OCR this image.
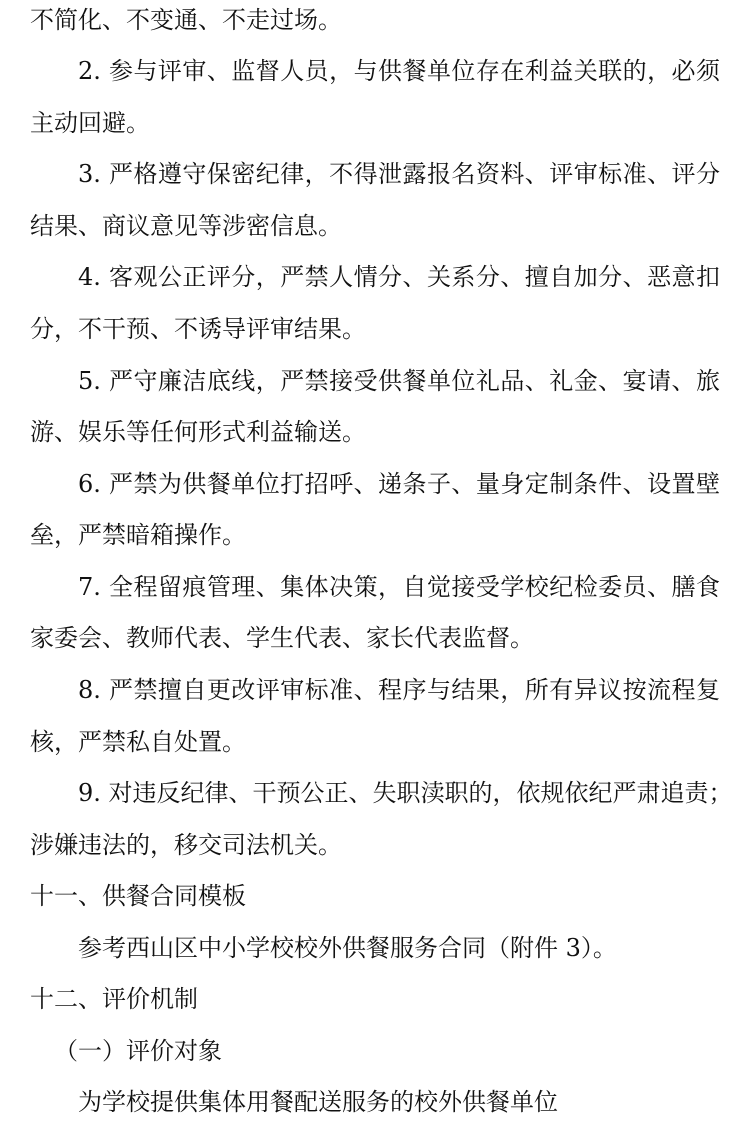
不简化、不变通、不走过场。

2. 参与评审、监督人员，与供餐单位存在利益关联的，必须

主动回避。

3. 严格遵守保密纪律，不得泄露报名资料、评审标准、评分

结果、商议意见等涉密信息。

4. 客观公正评分，严禁人情分、关系分、擅自加分、恶意扣

分，不干预、不诱导评审结果。

5. 严守廉洁底线，严禁接受供餐单位礼品、礼金、宴请、旅

游、娱乐等任何形式利益输送。

6. 严禁为供餐单位打招呼、递条子、量身定制条件、设置壁

垒，严禁暗箱操作。

7. 全程留痕管理、集体决策，自觉接受学校纪检委员、膳食

家委会、教师代表、学生代表、家长代表监督。

8. 严禁擅自更改评审标准、程序与结果，所有异议按流程复

核，严禁私自处置。

9. 对违反纪律、干预公正、失职渎职的，依规依纪严肃追责；

涉嫌违法的，移交司法机关。

十一、供餐合同模板

参考西山区中小学校校外供餐服务合同（附件 3）。

十二、评价机制

（一）评价对象

为学校提供集体用餐配送服务的校外供餐单位
